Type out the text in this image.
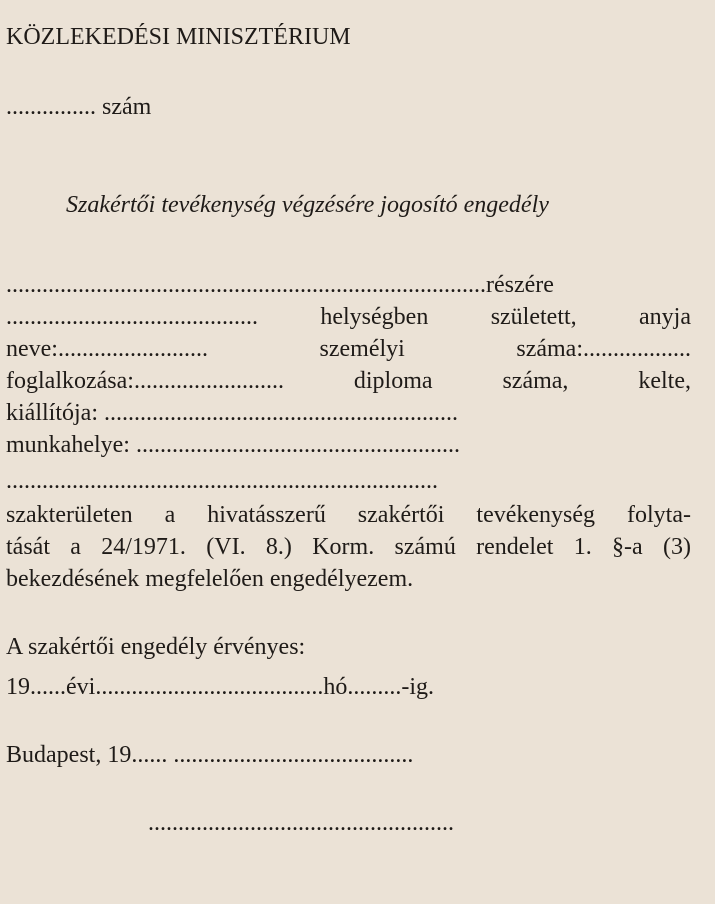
KÖZLEKEDÉSI MINISZTÉRIUM
............... szám
Szakértői tevékenység végzésére jogosító engedély
................................................................................részére
.......................................... helységben született, anyja
neve:......................... személyi száma:..................
foglalkozása:......................... diploma száma, kelte,
kiállítója: ...........................................................
munkahelye: ......................................................
........................................................................
szakterületen a hivatásszerű szakértői tevékenység folyta-
tását a 24/1971. (VI. 8.) Korm. számú rendelet 1. §-a (3)
bekezdésének megfelelően engedélyezem.
A szakértői engedély érvényes:
19......évi......................................hó.........-ig.
Budapest, 19...... ........................................
...................................................
